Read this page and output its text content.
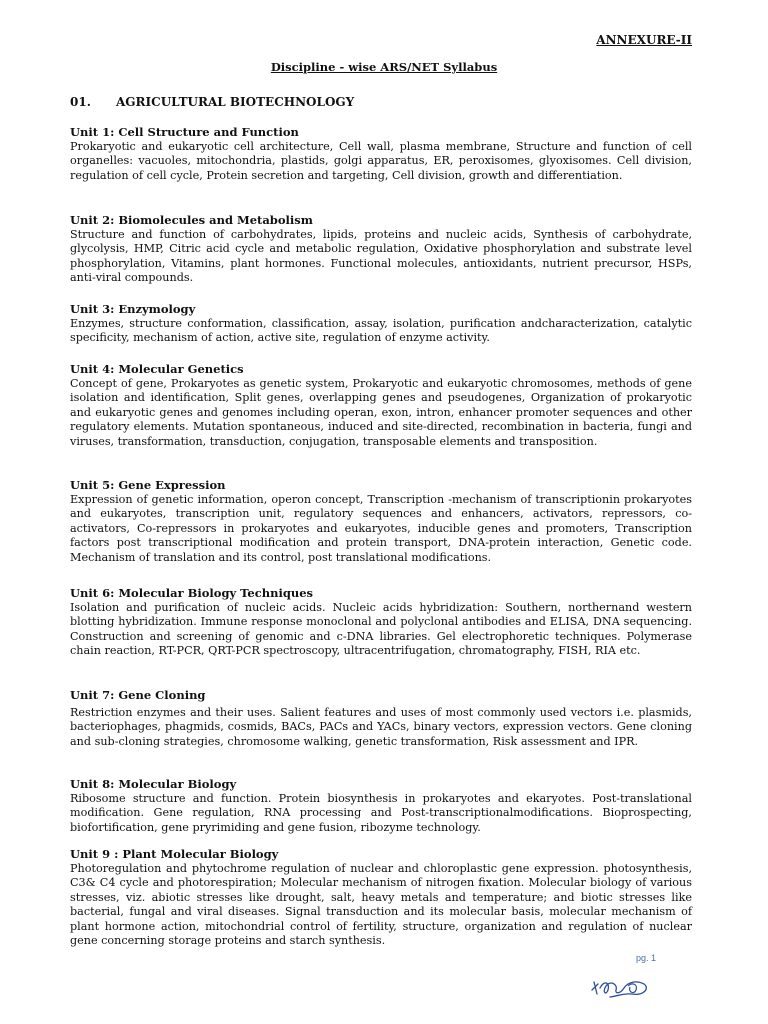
ANNEXURE-II
Discipline - wise ARS/NET Syllabus
01. AGRICULTURAL BIOTECHNOLOGY
Unit 1: Cell Structure and Function
Prokaryotic and eukaryotic cell architecture, Cell wall, plasma membrane, Structure and function of cell organelles: vacuoles, mitochondria, plastids, golgi apparatus, ER, peroxisomes, glyoxisomes. Cell division, regulation of cell cycle, Protein secretion and targeting, Cell division, growth and differentiation.
Unit 2: Biomolecules and Metabolism
Structure and function of carbohydrates, lipids, proteins and nucleic acids, Synthesis of carbohydrate, glycolysis, HMP, Citric acid cycle and metabolic regulation, Oxidative phosphorylation and substrate level phosphorylation, Vitamins, plant hormones. Functional molecules, antioxidants, nutrient precursor, HSPs, anti-viral compounds.
Unit 3: Enzymology
Enzymes, structure conformation, classification, assay, isolation, purification andcharacterization, catalytic specificity, mechanism of action, active site, regulation of enzyme activity.
Unit 4: Molecular Genetics
Concept of gene, Prokaryotes as genetic system, Prokaryotic and eukaryotic chromosomes, methods of gene isolation and identification, Split genes, overlapping genes and pseudogenes, Organization of prokaryotic and eukaryotic genes and genomes including operan, exon, intron, enhancer promoter sequences and other regulatory elements. Mutation spontaneous, induced and site-directed, recombination in bacteria, fungi and viruses, transformation, transduction, conjugation, transposable elements and transposition.
Unit 5: Gene Expression
Expression of genetic information, operon concept, Transcription -mechanism of transcriptionin prokaryotes and eukaryotes, transcription unit, regulatory sequences and enhancers, activators, repressors, co-activators, Co-repressors in prokaryotes and eukaryotes, inducible genes and promoters, Transcription factors post transcriptional modification and protein transport, DNA-protein interaction, Genetic code. Mechanism of translation and its control, post translational modifications.
Unit 6: Molecular Biology Techniques
Isolation and purification of nucleic acids. Nucleic acids hybridization: Southern, northernand western blotting hybridization. Immune response monoclonal and polyclonal antibodies and ELISA, DNA sequencing. Construction and screening of genomic and c-DNA libraries. Gel electrophoretic techniques. Polymerase chain reaction, RT-PCR, QRT-PCR spectroscopy, ultracentrifugation, chromatography, FISH, RIA etc.
Unit 7: Gene Cloning
Restriction enzymes and their uses. Salient features and uses of most commonly used vectors i.e. plasmids, bacteriophages, phagmids, cosmids, BACs, PACs and YACs, binary vectors, expression vectors. Gene cloning and sub-cloning strategies, chromosome walking, genetic transformation, Risk assessment and IPR.
Unit 8: Molecular Biology
Ribosome structure and function. Protein biosynthesis in prokaryotes and ekaryotes. Post-translational modification. Gene regulation, RNA processing and Post-transcriptionalmodifications. Bioprospecting, biofortification, gene pryrimiding and gene fusion, ribozyme technology.
Unit 9 : Plant Molecular Biology
Photoregulation and phytochrome regulation of nuclear and chloroplastic gene expression. photosynthesis, C3& C4 cycle and photorespiration; Molecular mechanism of nitrogen fixation. Molecular biology of various stresses, viz. abiotic stresses like drought, salt, heavy metals and temperature; and biotic stresses like bacterial, fungal and viral diseases. Signal transduction and its molecular basis, molecular mechanism of plant hormone action, mitochondrial control of fertility, structure, organization and regulation of nuclear gene concerning storage proteins and starch synthesis.
pg. 1
